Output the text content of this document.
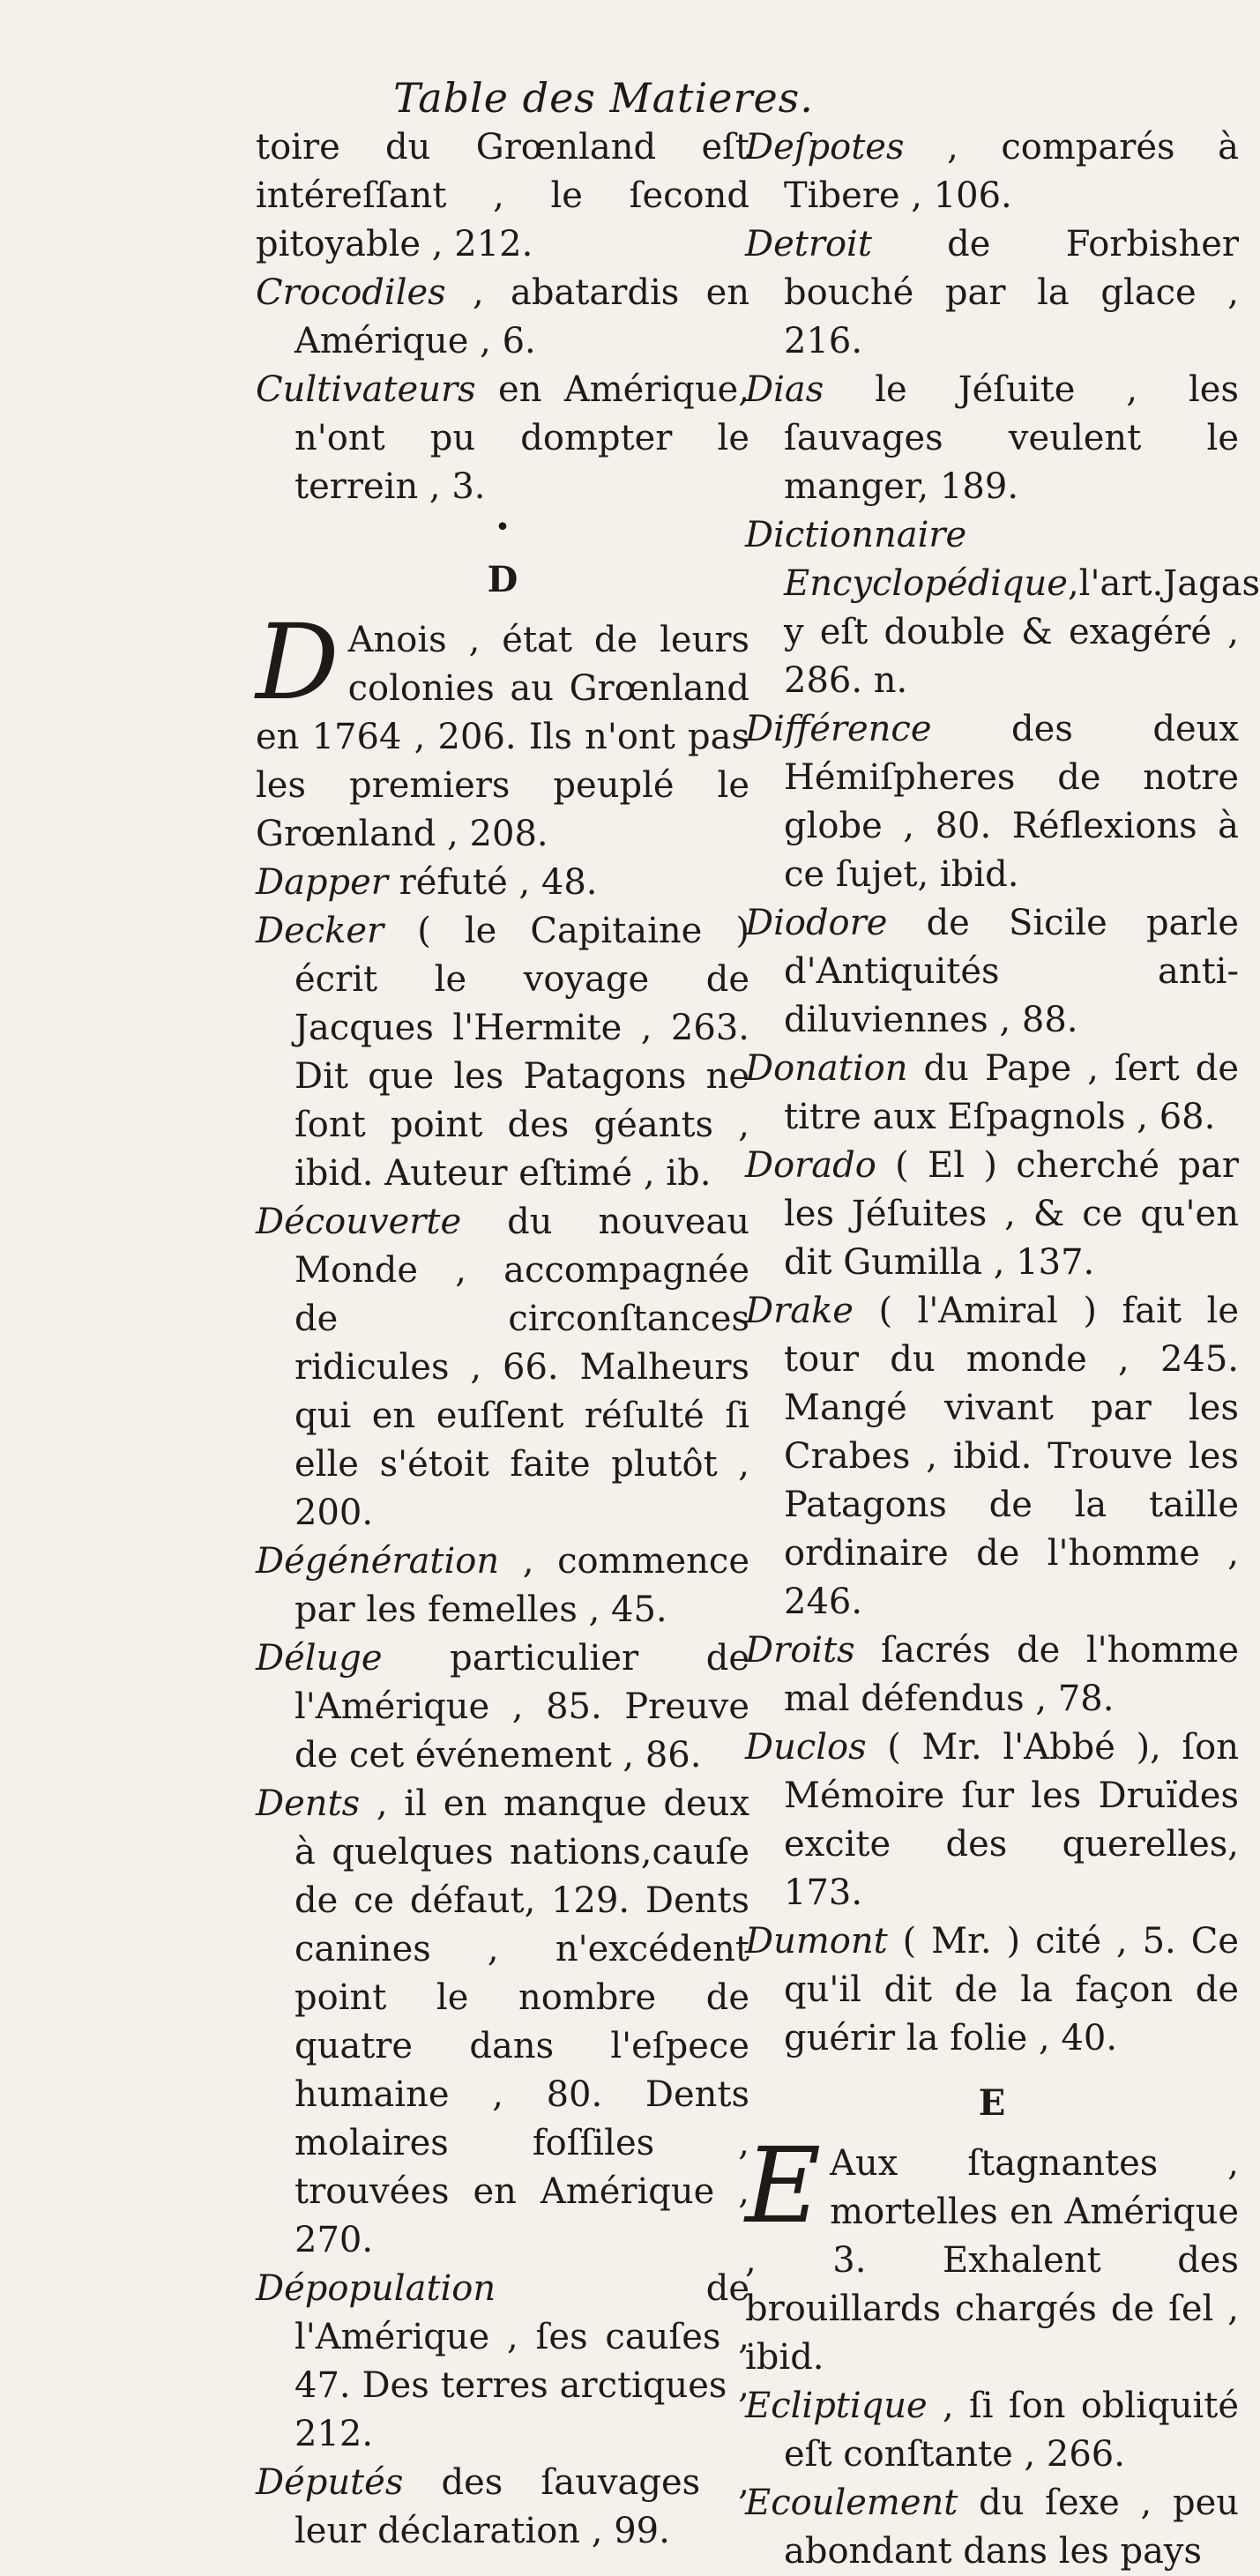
Table des Matieres.
toire du Grœnland eſt intéreſſant , le ſecond pitoyable , 212.
Crocodiles , abatardis en Amérique , 6.
Cultivateurs en Amérique, n'ont pu dompter le terrein , 3.
•
D
D Anois , état de leurs colonies au Grœnland en 1764 , 206. Ils n'ont pas les premiers peuplé le Grœnland , 208.
Dapper réfuté , 48.
Decker ( le Capitaine ) écrit le voyage de Jacques l'Hermite , 263. Dit que les Patagons ne ſont point des géants , ibid. Auteur eſtimé , ib.
Découverte du nouveau Monde , accompagnée de circonſtances ridicules , 66. Malheurs qui en euſſent réſulté ſi elle s'étoit faite plutôt , 200.
Dégénération , commence par les femelles , 45.
Déluge particulier de l'Amérique , 85. Preuve de cet événement , 86.
Dents , il en manque deux à quelques nations,cauſe de ce défaut, 129. Dents canines , n'excédent point le nombre de quatre dans l'eſpece humaine , 80. Dents molaires foſſiles , trouvées en Amérique , 270.
Dépopulation de l'Amérique , ſes cauſes , 47. Des terres arctiques , 212.
Députés des ſauvages , leur déclaration , 99.
Deſpotes , comparés à Tibere , 106.
Detroit de Forbisher bouché par la glace , 216.
Dias le Jéſuite , les ſauvages veulent le manger, 189.
Dictionnaire Encyclopédique,l'art.Jagas y eſt double & exagéré , 286. n.
Différence des deux Hémiſpheres de notre globe , 80. Réflexions à ce ſujet, ibid.
Diodore de Sicile parle d'Antiquités anti-diluviennes , 88.
Donation du Pape , ſert de titre aux Eſpagnols , 68.
Dorado ( El ) cherché par les Jéſuites , & ce qu'en dit Gumilla , 137.
Drake ( l'Amiral ) fait le tour du monde , 245. Mangé vivant par les Crabes , ibid. Trouve les Patagons de la taille ordinaire de l'homme , 246.
Droits ſacrés de l'homme mal défendus , 78.
Duclos ( Mr. l'Abbé ), ſon Mémoire ſur les Druïdes excite des querelles, 173.
Dumont ( Mr. ) cité , 5. Ce qu'il dit de la façon de guérir la folie , 40.
E
E Aux ſtagnantes , mortelles en Amérique , 3. Exhalent des brouillards chargés de ſel , ibid.
Ecliptique , ſi ſon obliquité eſt conſtante , 266.
Ecoulement du ſexe , peu abondant dans les pays
